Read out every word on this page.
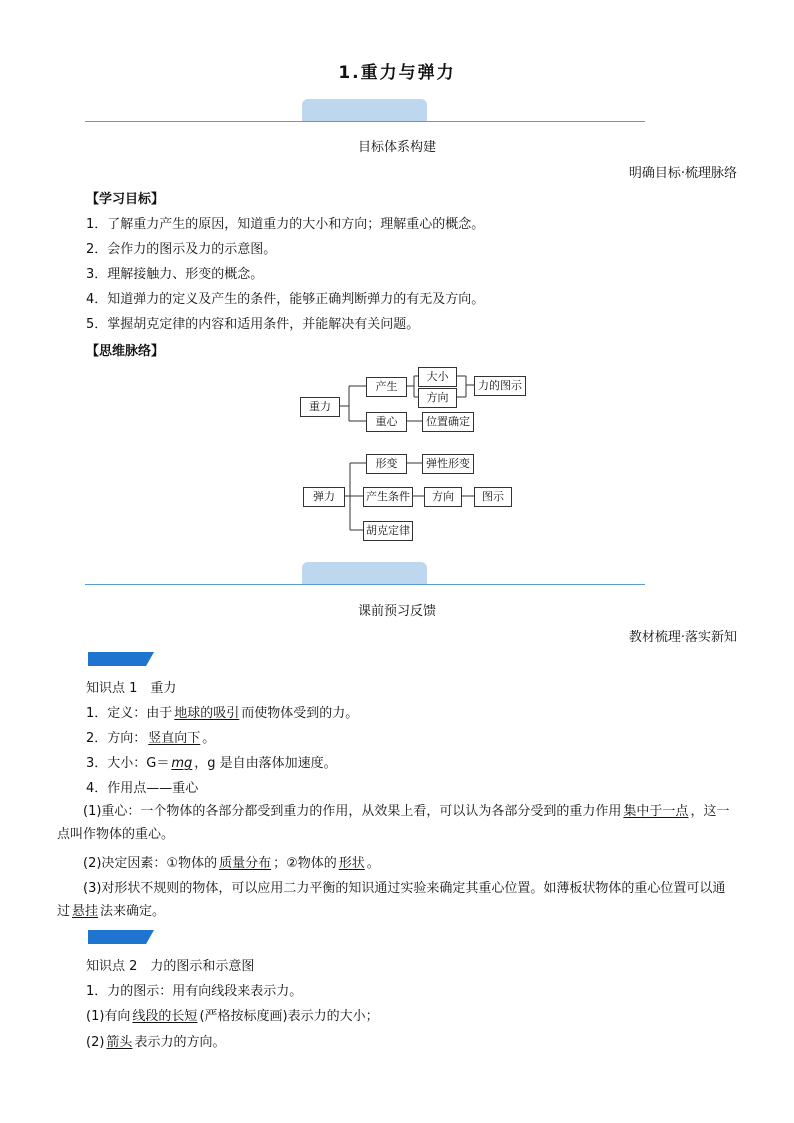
1.重力与弹力
目标体系构建
明确目标·梳理脉络
【学习目标】
1．了解重力产生的原因，知道重力的大小和方向；理解重心的概念。
2．会作力的图示及力的示意图。
3．理解接触力、形变的概念。
4．知道弹力的定义及产生的条件，能够正确判断弹力的有无及方向。
5．掌握胡克定律的内容和适用条件，并能解决有关问题。
【思维脉络】
重力
产生
大小
方向
力的图示
重心	位置确定
弹力
形变	弹性形变
产生条件	方向	图示
胡克定律
课前预习反馈
教材梳理·落实新知
知识点 1　重力
1．定义：由于 地球的吸引 而使物体受到的力。
2．方向： 竖直向下 。
3．大小：G＝ mg ，g 是自由落体加速度。
4．作用点——重心
(1)重心：一个物体的各部分都受到重力的作用，从效果上看，可以认为各部分受到的重力作用 集中于一点 ，这一点叫作物体的重心。
(2)决定因素：①物体的 质量分布 ；②物体的 形状 。
(3)对形状不规则的物体，可以应用二力平衡的知识通过实验来确定其重心位置。如薄板状物体的重心位置可以通过 悬挂 法来确定。
知识点 2　力的图示和示意图
1．力的图示：用有向线段来表示力。
(1)有向 线段的长短 (严格按标度画)表示力的大小；
(2) 箭头 表示力的方向。
